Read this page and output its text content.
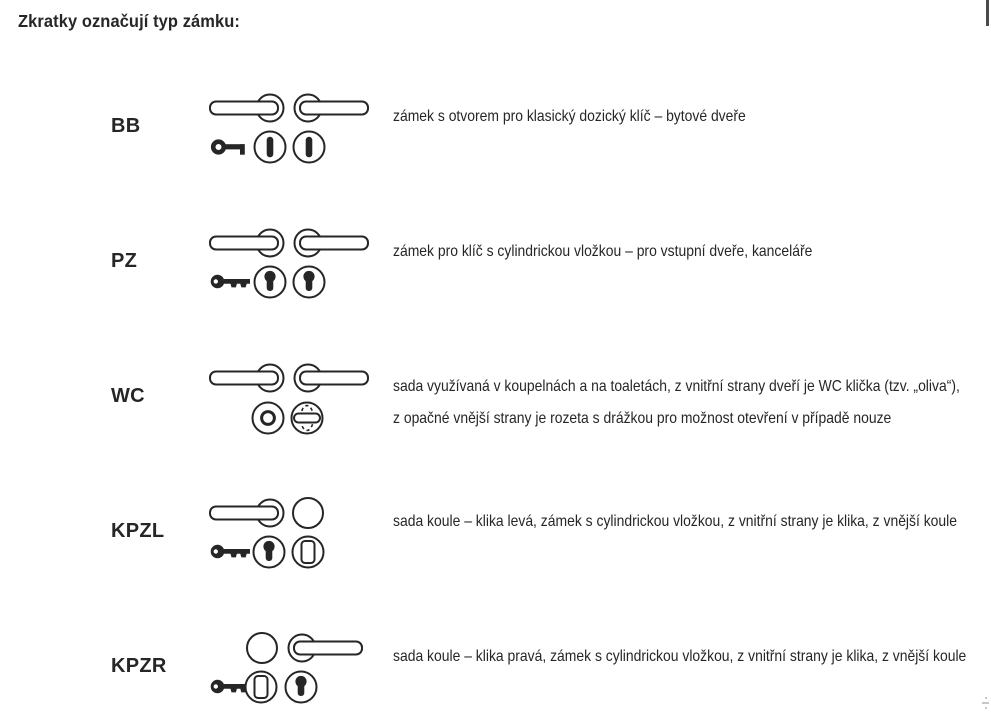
Zkratky označují typ zámku:
BB	zámek s otvorem pro klasický dozický klíč – bytové dveře
PZ	zámek pro klíč s cylindrickou vložkou – pro vstupní dveře, kanceláře
WC	sada využívaná v koupelnách a na toaletách, z vnitřní strany dveří je WC klička (tzv. „oliva“),
z opačné vnější strany je rozeta s drážkou pro možnost otevření v případě nouze
KPZL	sada koule – klika levá, zámek s cylindrickou vložkou, z vnitřní strany je klika, z vnější koule
KPZR	sada koule – klika pravá, zámek s cylindrickou vložkou, z vnitřní strany je klika, z vnější koule
